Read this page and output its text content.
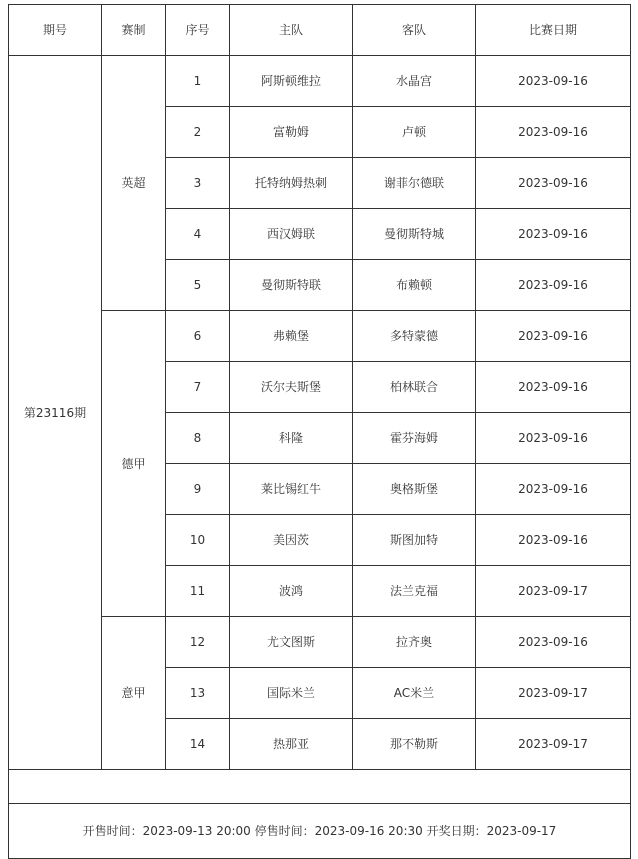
期号	赛制	序号	主队	客队	比赛日期
第23116期	英超	1	阿斯顿维拉	水晶宫	2023-09-16
		2	富勒姆	卢顿	2023-09-16
		3	托特纳姆热刺	谢菲尔德联	2023-09-16
		4	西汉姆联	曼彻斯特城	2023-09-16
		5	曼彻斯特联	布赖顿	2023-09-16
	德甲	6	弗赖堡	多特蒙德	2023-09-16
		7	沃尔夫斯堡	柏林联合	2023-09-16
		8	科隆	霍芬海姆	2023-09-16
		9	莱比锡红牛	奥格斯堡	2023-09-16
		10	美因茨	斯图加特	2023-09-16
		11	波鸿	法兰克福	2023-09-17
	意甲	12	尤文图斯	拉齐奥	2023-09-16
		13	国际米兰	AC米兰	2023-09-17
		14	热那亚	那不勒斯	2023-09-17

开售时间：2023-09-13 20:00 停售时间：2023-09-16 20:30 开奖日期：2023-09-17					
